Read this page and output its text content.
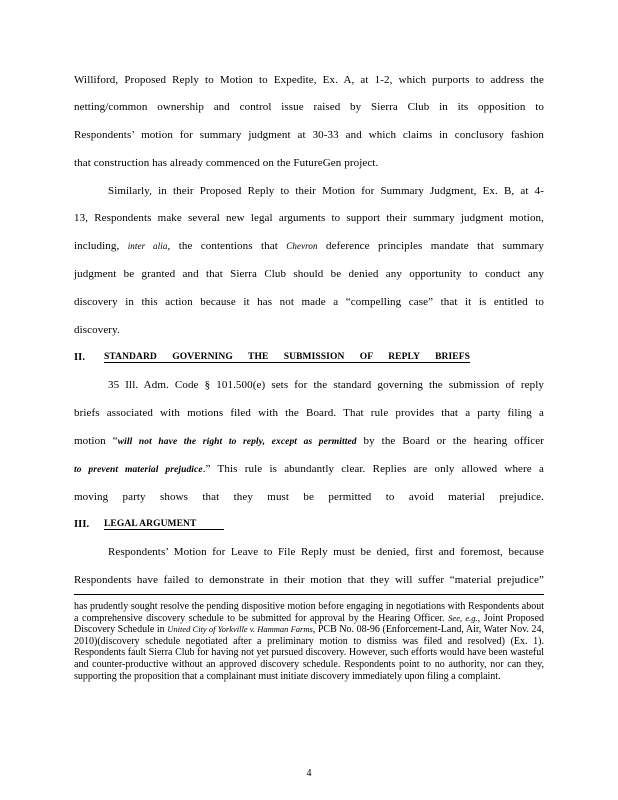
Williford, Proposed Reply to Motion to Expedite, Ex. A, at 1-2, which purports to address the
netting/common ownership and control issue raised by Sierra Club in its opposition to
Respondents’ motion for summary judgment at 30-33 and which claims in conclusory fashion
that construction has already commenced on the FutureGen project.
Similarly, in their Proposed Reply to their Motion for Summary Judgment, Ex. B, at 4-
13, Respondents make several new legal arguments to support their summary judgment motion,
including, inter alia, the contentions that Chevron deference principles mandate that summary
judgment be granted and that Sierra Club should be denied any opportunity to conduct any
discovery in this action because it has not made a “compelling case” that it is entitled to
discovery.
II. STANDARD GOVERNING THE SUBMISSION OF REPLY BRIEFS
35 Ill. Adm. Code § 101.500(e) sets for the standard governing the submission of reply
briefs associated with motions filed with the Board. That rule provides that a party filing a
motion “will not have the right to reply, except as permitted by the Board or the hearing officer
to prevent material prejudice.” This rule is abundantly clear. Replies are only allowed where a
moving party shows that they must be permitted to avoid material prejudice.
III. LEGAL ARGUMENT
Respondents’ Motion for Leave to File Reply must be denied, first and foremost, because
Respondents have failed to demonstrate in their motion that they will suffer “material prejudice”
has prudently sought resolve the pending dispositive motion before engaging in negotiations with Respondents about a comprehensive discovery schedule to be submitted for approval by the Hearing Officer. See, e.g., Joint Proposed Discovery Schedule in United City of Yorkville v. Hamman Farms, PCB No. 08-96 (Enforcement-Land, Air, Water Nov. 24, 2010)(discovery schedule negotiated after a preliminary motion to dismiss was filed and resolved) (Ex. 1). Respondents fault Sierra Club for having not yet pursued discovery. However, such efforts would have been wasteful and counter-productive without an approved discovery schedule. Respondents point to no authority, nor can they, supporting the proposition that a complainant must initiate discovery immediately upon filing a complaint.
4
